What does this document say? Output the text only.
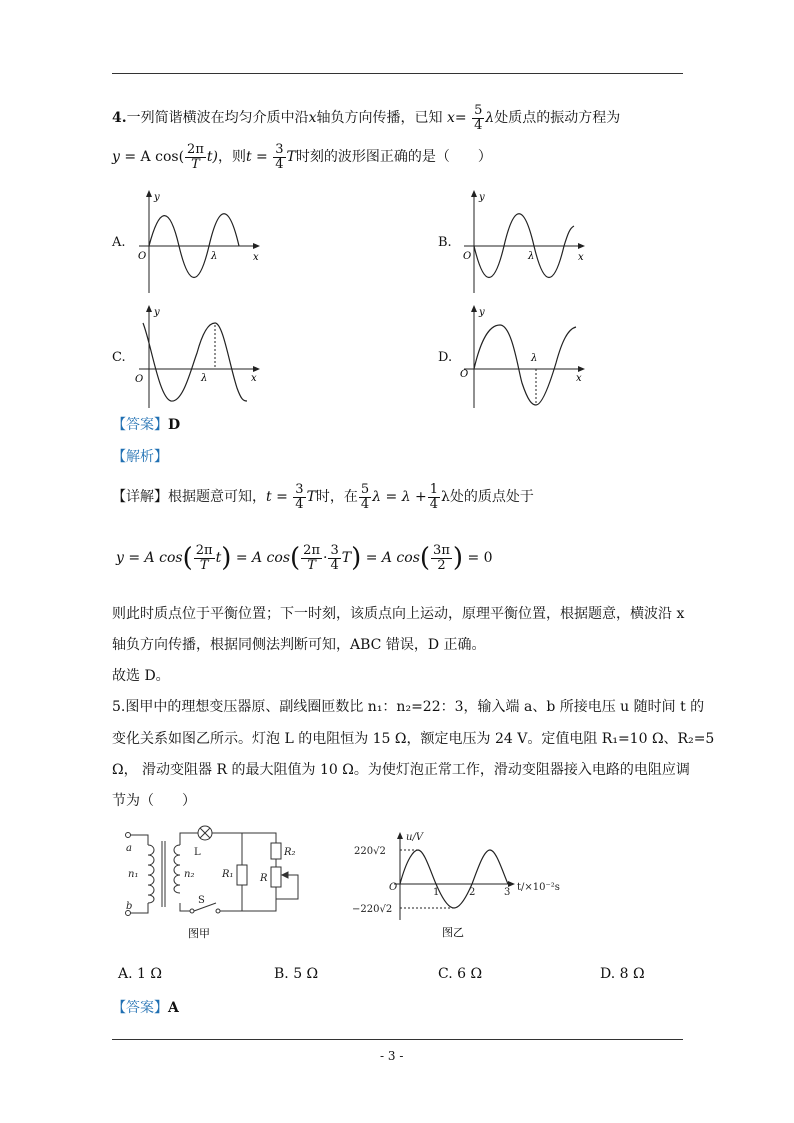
4.一列简谐横波在均匀介质中沿x轴负方向传播，已知 $x= \frac{5}{4}$ λ处质点的振动方程为
y = A $\cos( \frac{2\pi}{T} t)$，则$t = \frac{3}{4}$ T时刻的波形图正确的是（　　）
A.
y
O	λ	x
B.
y
O	λ	x
C.
y
O	λ	x
D.
y
O
λ
x
【答案】D
【解析】
【详解】根据题意可知，$t = \frac{3}{4}$ T时，在 $\frac{5}{4}$ $\lambda = \lambda + \frac{1}{4}$ λ处的质点处于
y = A $\cos( \frac{2\pi}{T} t) = A$ $\cos( \frac{2\pi}{T} \cdot \frac{3}{4} T) = A$ $\cos( \frac{3\pi}{2}$ ) = 0
则此时质点位于平衡位置；下一时刻，该质点向上运动，原理平衡位置，根据题意，横波沿 x
轴负方向传播，根据同侧法判断可知，ABC 错误，D 正确。
故选 D。
5.图甲中的理想变压器原、副线圈匝数比 n₁：n₂=22：3，输入端 a、b 所接电压 u 随时间 t 的
变化关系如图乙所示。灯泡 L 的电阻恒为 15 Ω，额定电压为 24 V。定值电阻 R₁=10 Ω、R₂=5
Ω， 滑动变阻器 R 的最大阻值为 10 Ω。为使灯泡正常工作，滑动变阻器接入电路的电阻应调
节为（　　）
a
b
n₁	n₂
L
S
R₁
R₂
R
图甲
u/V
220√2
−220√2
O	1	2	3 t/×10⁻²s
图乙
A. 1 Ω	B. 5 Ω	C. 6 Ω	D. 8 Ω
【答案】A
- 3 -
